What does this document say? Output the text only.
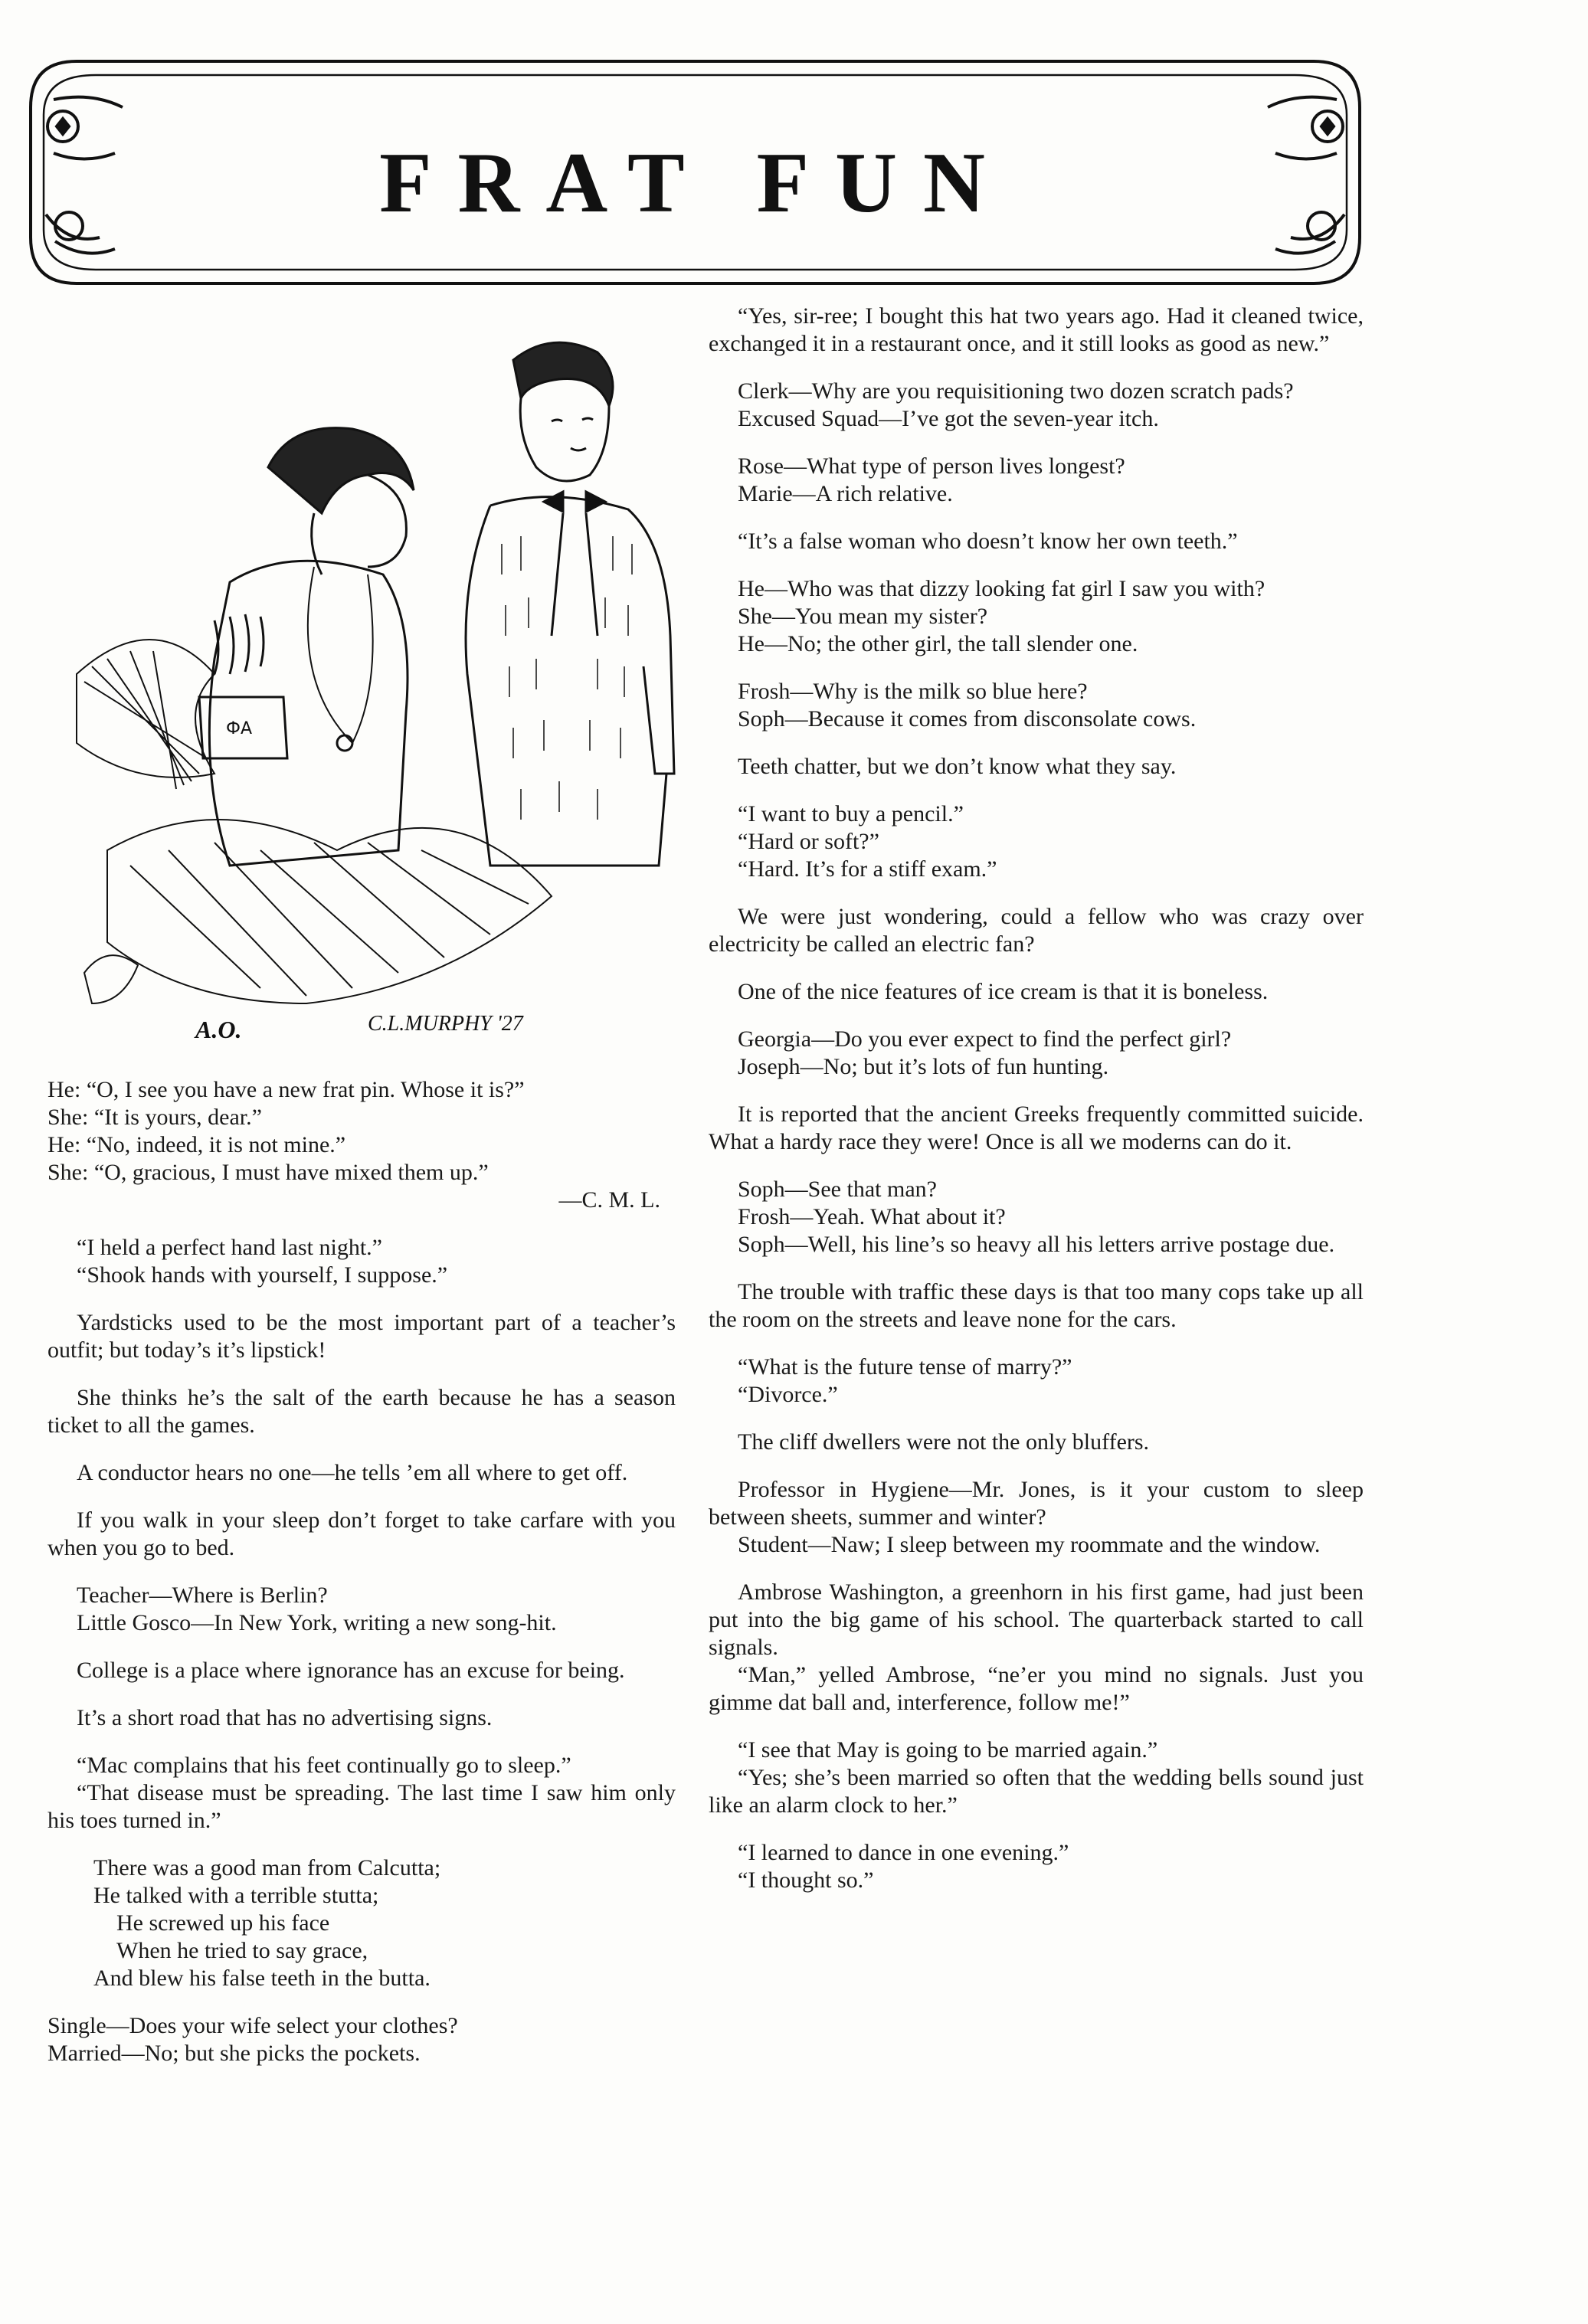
FRAT FUN
ФA
A.O.	C.L.MURPHY '27

He: “O, I see you have a new frat pin. Whose it is?”
She: “It is yours, dear.”
He: “No, indeed, it is not mine.”
She: “O, gracious, I must have mixed them up.”
—C. M. L.

“I held a perfect hand last night.”
“Shook hands with yourself, I suppose.”

Yardsticks used to be the most important part of a teacher’s outfit; but today’s it’s lipstick!

She thinks he’s the salt of the earth because he has a season ticket to all the games.

A conductor hears no one—he tells ’em all where to get off.

If you walk in your sleep don’t forget to take carfare with you when you go to bed.

Teacher—Where is Berlin?
Little Gosco—In New York, writing a new song-hit.

College is a place where ignorance has an excuse for being.

It’s a short road that has no advertising signs.

“Mac complains that his feet continually go to sleep.”
“That disease must be spreading. The last time I saw him only his toes turned in.”

There was a good man from Calcutta;
He talked with a terrible stutta;
He screwed up his face
When he tried to say grace,
And blew his false teeth in the butta.

Single—Does your wife select your clothes?
Married—No; but she picks the pockets.

“Yes, sir-ree; I bought this hat two years ago. Had it cleaned twice, exchanged it in a restaurant once, and it still looks as good as new.”

Clerk—Why are you requisitioning two dozen scratch pads?
Excused Squad—I’ve got the seven-year itch.

Rose—What type of person lives longest?
Marie—A rich relative.

“It’s a false woman who doesn’t know her own teeth.”

He—Who was that dizzy looking fat girl I saw you with?
She—You mean my sister?
He—No; the other girl, the tall slender one.

Frosh—Why is the milk so blue here?
Soph—Because it comes from disconsolate cows.

Teeth chatter, but we don’t know what they say.

“I want to buy a pencil.”
“Hard or soft?”
“Hard. It’s for a stiff exam.”

We were just wondering, could a fellow who was crazy over electricity be called an electric fan?

One of the nice features of ice cream is that it is boneless.

Georgia—Do you ever expect to find the perfect girl?
Joseph—No; but it’s lots of fun hunting.

It is reported that the ancient Greeks frequently committed suicide. What a hardy race they were! Once is all we moderns can do it.

Soph—See that man?
Frosh—Yeah. What about it?
Soph—Well, his line’s so heavy all his letters arrive postage due.

The trouble with traffic these days is that too many cops take up all the room on the streets and leave none for the cars.

“What is the future tense of marry?”
“Divorce.”

The cliff dwellers were not the only bluffers.

Professor in Hygiene—Mr. Jones, is it your custom to sleep between sheets, summer and winter?
Student—Naw; I sleep between my roommate and the window.

Ambrose Washington, a greenhorn in his first game, had just been put into the big game of his school. The quarterback started to call signals.
“Man,” yelled Ambrose, “ne’er you mind no signals. Just you gimme dat ball and, interference, follow me!”

“I see that May is going to be married again.”
“Yes; she’s been married so often that the wedding bells sound just like an alarm clock to her.”

“I learned to dance in one evening.”
“I thought so.”
